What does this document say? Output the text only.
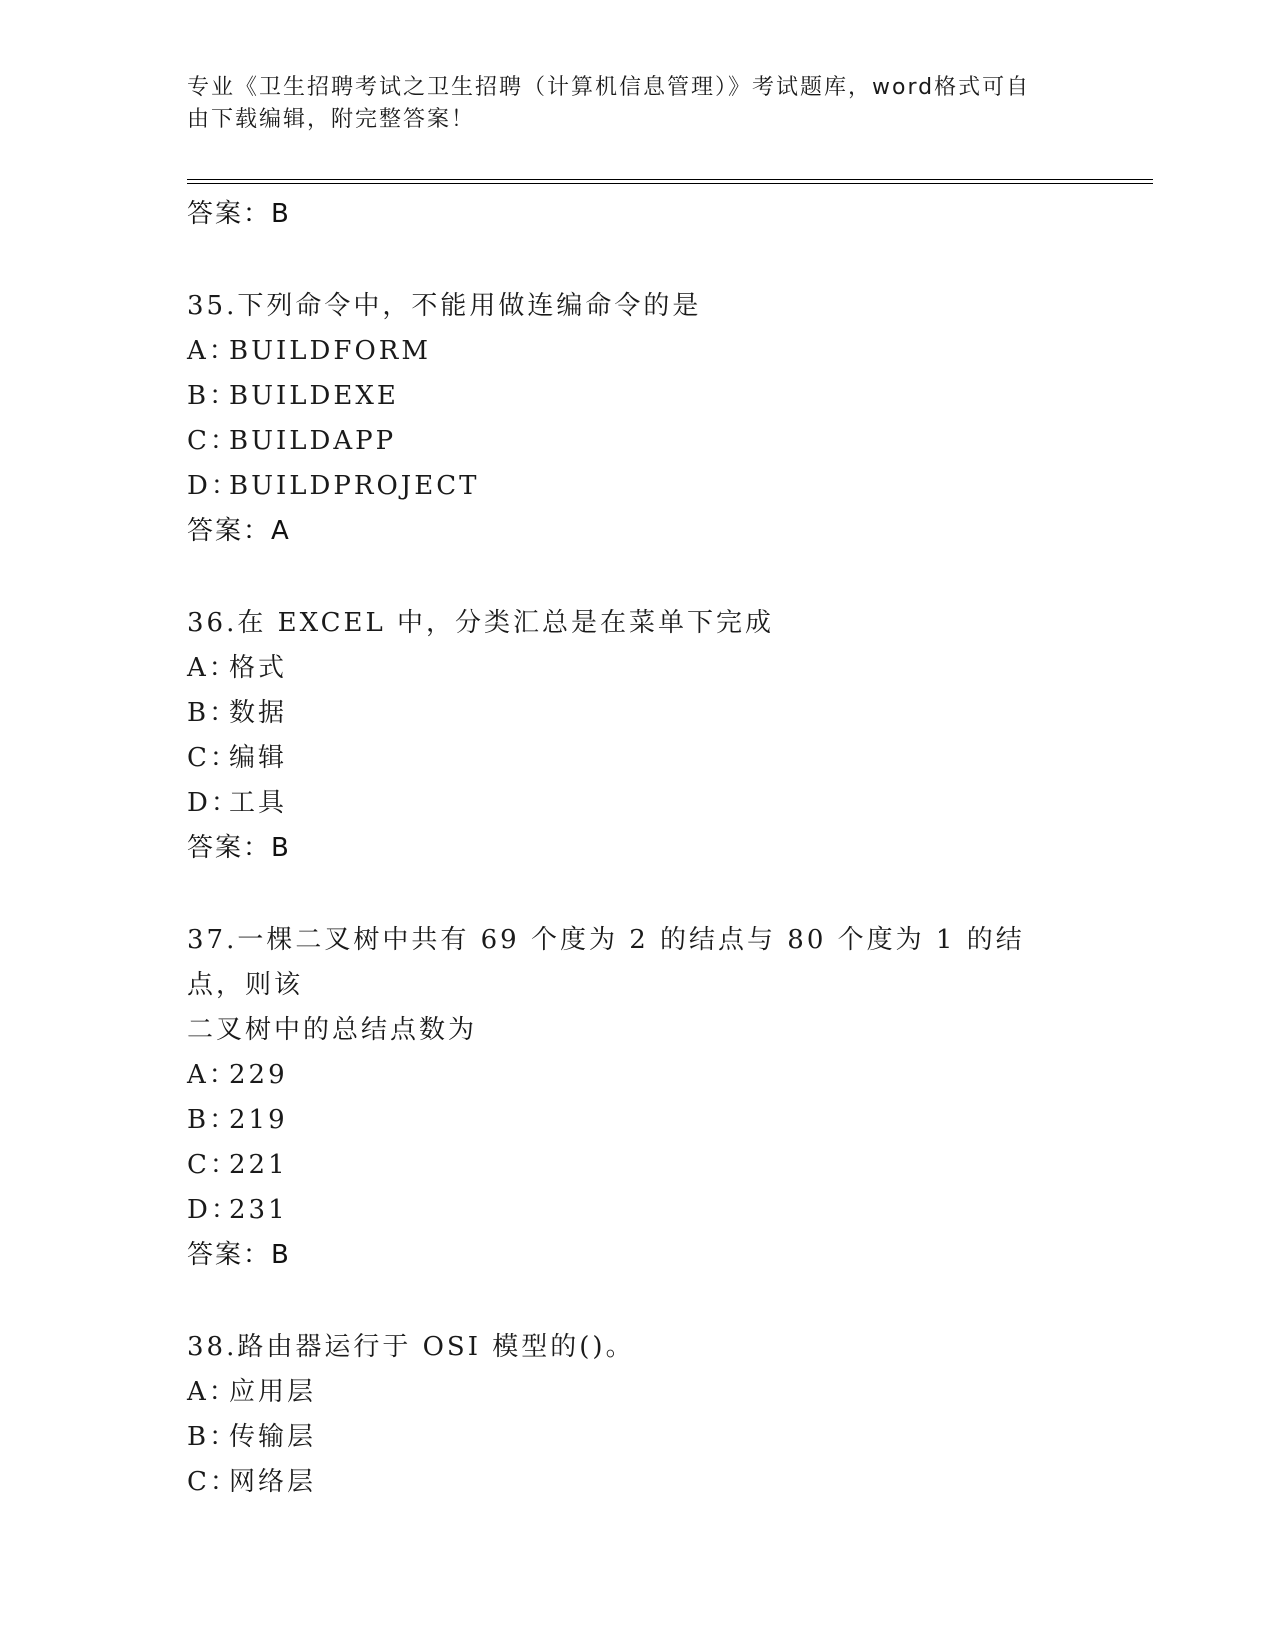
专业《卫生招聘考试之卫生招聘（计算机信息管理）》考试题库，word格式可自
由下载编辑，附完整答案！
答案：B
35.下列命令中，不能用做连编命令的是
A：BUILDFORM
B：BUILDEXE
C：BUILDAPP
D：BUILDPROJECT
答案：A
36.在 EXCEL 中，分类汇总是在菜单下完成
A：格式
B：数据
C：编辑
D：工具
答案：B
37.一棵二叉树中共有 69 个度为 2 的结点与 80 个度为 1 的结点，则该
二叉树中的总结点数为
A：229
B：219
C：221
D：231
答案：B
38.路由器运行于 OSI 模型的()。
A：应用层
B：传输层
C：网络层
